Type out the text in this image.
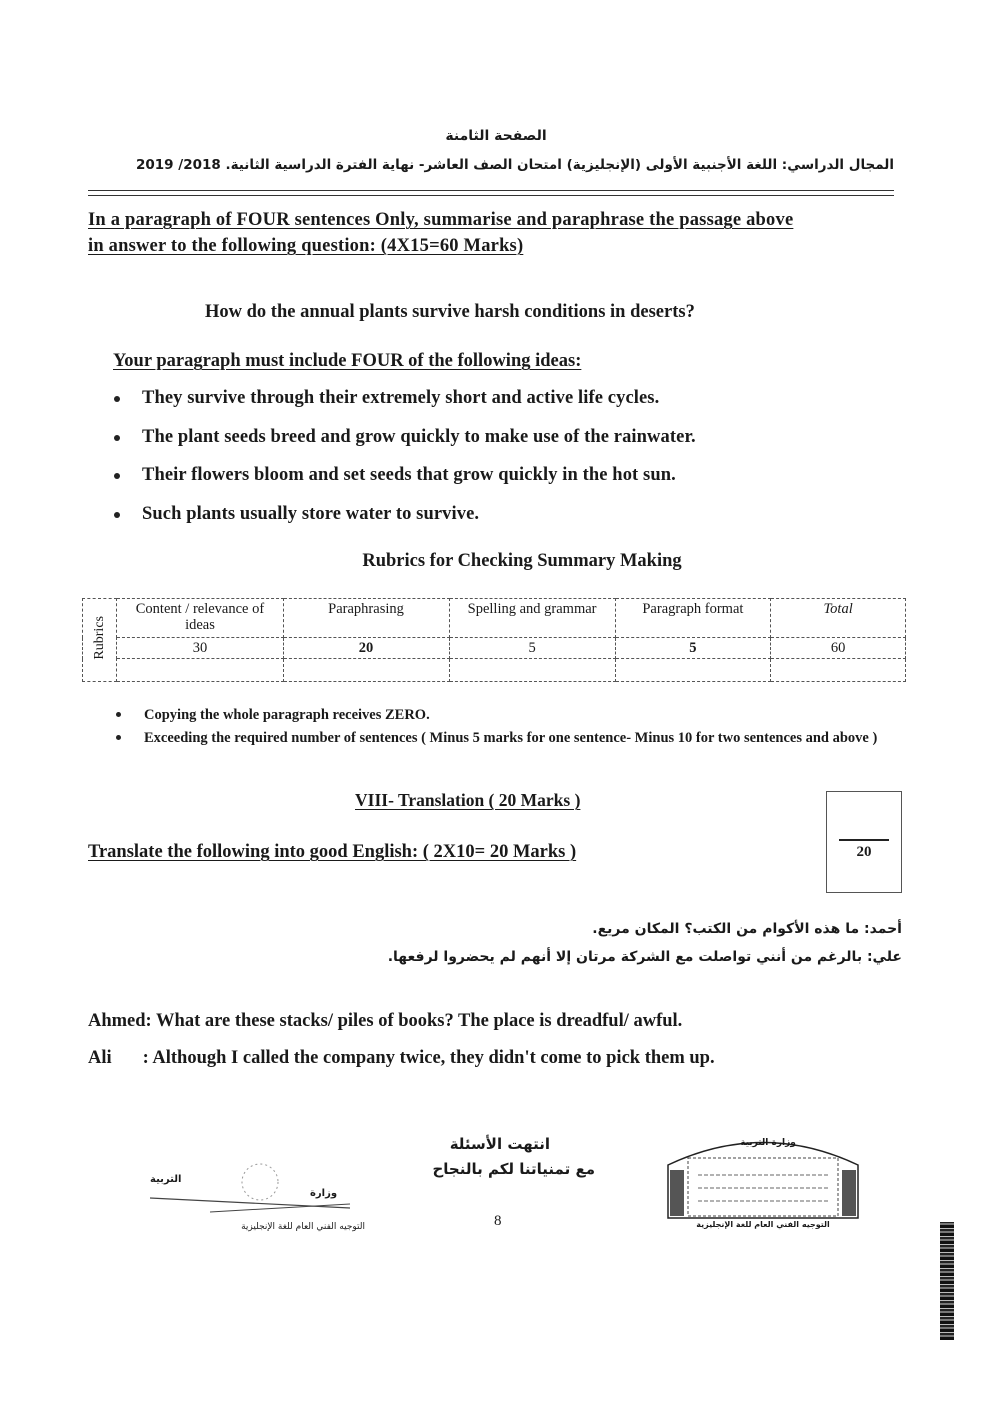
الصفحة الثامنة
المجال الدراسي: اللغة الأجنبية الأولى (الإنجليزية) امتحان الصف العاشر- نهاية الفترة الدراسية الثانية. 2018/ 2019
In a paragraph of FOUR sentences Only, summarise and paraphrase the passage above
in answer to the following question: (4X15=60 Marks)
How do the annual plants survive harsh conditions in deserts?
Your paragraph must include FOUR of the following ideas:
They survive through their extremely short and active life cycles.
The plant seeds breed and grow quickly to make use of the rainwater.
Their flowers bloom and set seeds that grow quickly in the hot sun.
Such plants usually store water to survive.
Rubrics for Checking Summary Making
Rubrics	Content / relevance of ideas	Paraphrasing	Spelling and grammar	Paragraph format	Total
	30	20	5	5	60

Copying the whole paragraph receives ZERO.
Exceeding the required number of sentences ( Minus 5 marks for one sentence- Minus 10 for two sentences and above )
VIII- Translation ( 20 Marks )
Translate the following into good English: ( 2X10= 20 Marks )	20
أحمد: ما هذه الأكوام من الكتب؟ المكان مريع.
علي: بالرغم من أنني تواصلت مع الشركة مرتان إلا أنهم لم يحضروا لرفعها.
Ahmed: What are these stacks/ piles of books? The place is dreadful/ awful.
Ali : Although I called the company twice, they didn't come to pick them up.
انتهت الأسئلة
مع تمنياتنا لكم بالنجاح
8
التربية
وزارة
التوجيه الفني العام للغة الإنجليزية
وزارة التربية
التوجيه الفني العام للغة الإنجليزية
